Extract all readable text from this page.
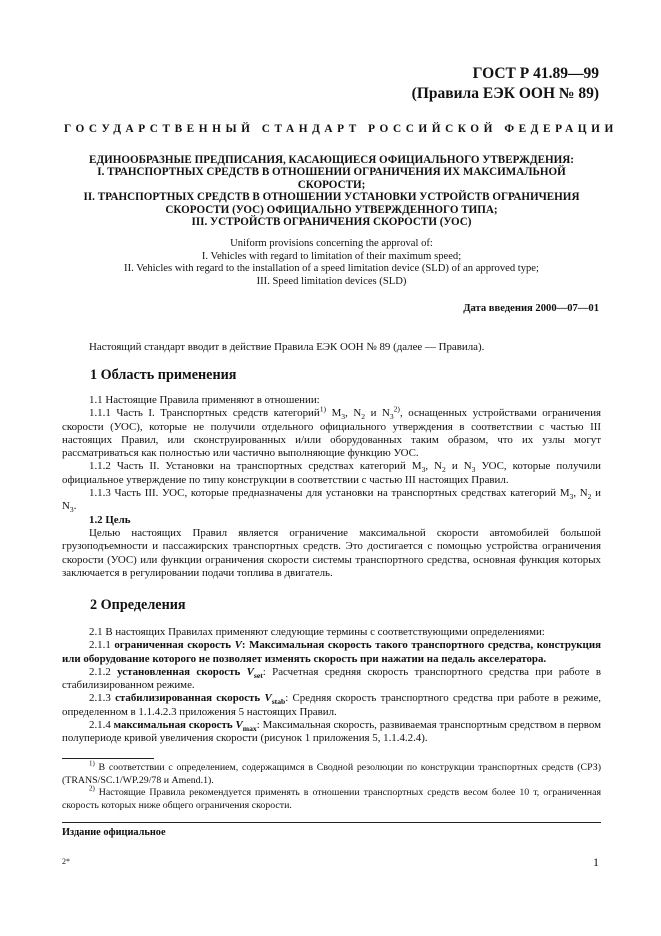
ГОСТ Р 41.89—99
(Правила ЕЭК ООН № 89)
ГОСУДАРСТВЕННЫЙ СТАНДАРТ РОССИЙСКОЙ ФЕДЕРАЦИИ
ЕДИНООБРАЗНЫЕ ПРЕДПИСАНИЯ, КАСАЮЩИЕСЯ ОФИЦИАЛЬНОГО УТВЕРЖДЕНИЯ:
I. ТРАНСПОРТНЫХ СРЕДСТВ В ОТНОШЕНИИ ОГРАНИЧЕНИЯ ИХ МАКСИМАЛЬНОЙ
СКОРОСТИ;
II. ТРАНСПОРТНЫХ СРЕДСТВ В ОТНОШЕНИИ УСТАНОВКИ УСТРОЙСТВ ОГРАНИЧЕНИЯ
СКОРОСТИ (УОС) ОФИЦИАЛЬНО УТВЕРЖДЕННОГО ТИПА;
III. УСТРОЙСТВ ОГРАНИЧЕНИЯ СКОРОСТИ (УОС)
Uniform provisions concerning the approval of:
I. Vehicles with regard to limitation of their maximum speed;
II. Vehicles with regard to the installation of a speed limitation device (SLD) of an approved type;
III. Speed limitation devices (SLD)
Дата введения 2000—07—01

Настоящий стандарт вводит в действие Правила ЕЭК ООН № 89 (далее — Правила).

1 Область применения

1.1 Настоящие Правила применяют в отношении:

1.1.1 Часть I. Транспортных средств категорий$^{1)}$ $M_3$, $N_2$ и $N_3^{2)}$, оснащенных устройствами ограничения скорости (УОС), которые не получили отдельного официального утверждения в соответствии с частью III настоящих Правил, или сконструированных и/или оборудованных таким образом, что их узлы могут рассматриваться как полностью или частично выполняющие функцию УОС.

1.1.2 Часть II. Установки на транспортных средствах категорий $M_3$, $N_2$ и $N_3$ УОС, которые получили официальное утверждение по типу конструкции в соответствии с частью III настоящих Правил.

1.1.3 Часть III. УОС, которые предназначены для установки на транспортных средствах категорий $M_3$, $N_2$ и $N_3$.

1.2 Цель

Целью настоящих Правил является ограничение максимальной скорости автомобилей большой грузоподъемности и пассажирских транспортных средств. Это достигается с помощью устройства ограничения скорости (УОС) или функции ограничения скорости системы транспортного средства, основная функция которых заключается в регулировании подачи топлива в двигатель.

2 Определения

2.1 В настоящих Правилах применяют следующие термины с соответствующими определениями:

2.1.1 ограниченная скорость V: Максимальная скорость такого транспортного средства, конструкция или оборудование которого не позволяет изменять скорость при нажатии на педаль акселератора.

2.1.2 установленная скорость $V_{set}$: Расчетная средняя скорость транспортного средства при работе в стабилизированном режиме.

2.1.3 стабилизированная скорость $V_{stab}$: Средняя скорость транспортного средства при работе в режиме, определенном в 1.1.4.2.3 приложения 5 настоящих Правил.

2.1.4 максимальная скорость $V_{max}$: Максимальная скорость, развиваемая транспортным средством в первом полупериоде кривой увеличения скорости (рисунок 1 приложения 5, 1.1.4.2.4).

$^{1)}$ В соответствии с определением, содержащимся в Сводной резолюции по конструкции транспортных средств (СРЗ) (TRANS/SC.1/WP.29/78 и Amend.1).

$^{2)}$ Настоящие Правила рекомендуется применять в отношении транспортных средств весом более 10 т, ограниченная скорость которых ниже общего ограничения скорости.

Издание официальное
2*	1
